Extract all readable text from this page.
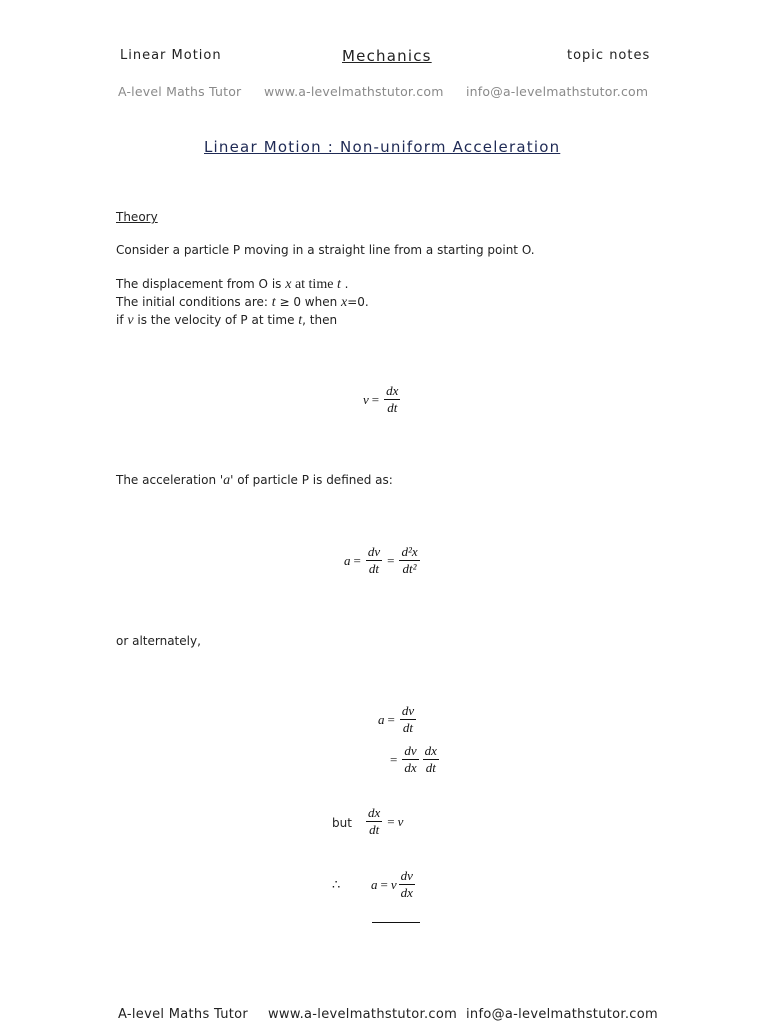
Linear Motion	Mechanics	topic notes
A-level Maths Tutor www.a-levelmathstutor.com info@a-levelmathstutor.com
Linear Motion : Non-uniform Acceleration
Theory
Consider a particle P moving in a straight line from a starting point O.
The displacement from O is x at time t .
The initial conditions are: t ≥ 0 when x=0.
if v is the velocity of P at time t, then
$v = \frac{dx}{dt}$
The acceleration 'a' of particle P is defined as:
$a = \frac{dv}{dt} = \frac{\text{d²x}}{\text{dt²}}$
or alternately,
$a = \frac{dv}{dt}$
= $\frac{dv}{dx} \frac{dx}{dt}$
but $\frac{dx}{dt} = v$
∴ a = v $\frac{dv}{dx}$
A-level Maths Tutor www.a-levelmathstutor.com info@a-levelmathstutor.com
